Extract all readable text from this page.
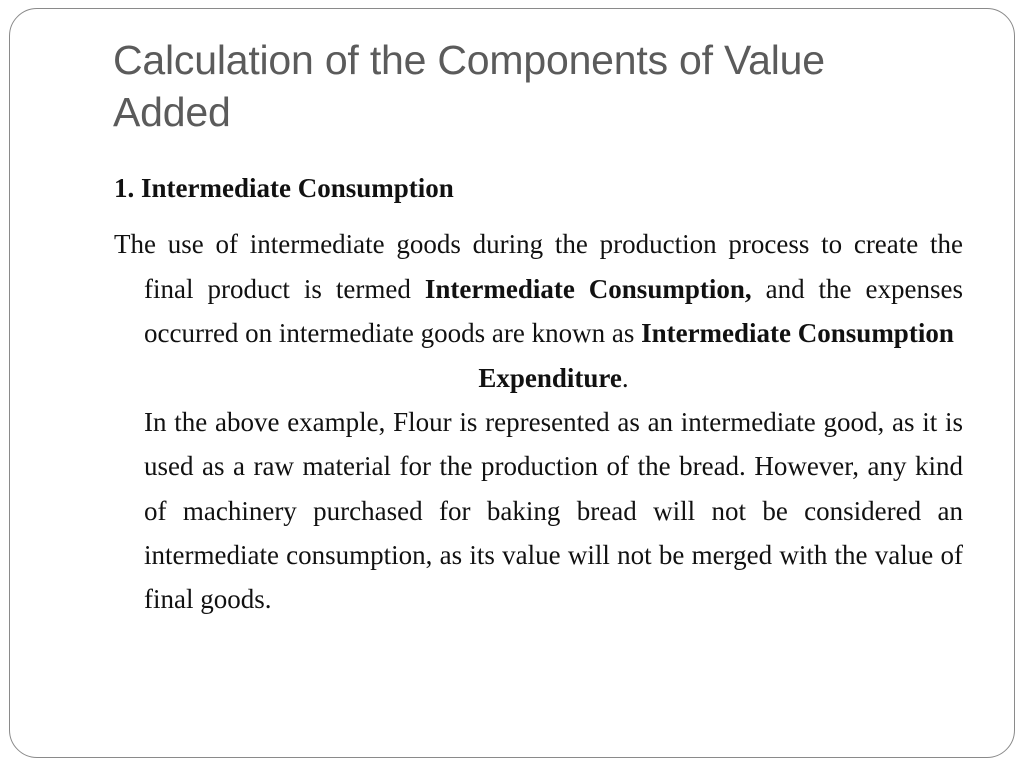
Calculation of the Components of Value Added

1. Intermediate Consumption

The use of intermediate goods during the production process to create the final product is termed Intermediate Consumption, and the expenses occurred on intermediate goods are known as Intermediate Consumption
Expenditure.

In the above example, Flour is represented as an intermediate good, as it is used as a raw material for the production of the bread. However, any kind of machinery purchased for baking bread will not be considered an intermediate consumption, as its value will not be merged with the value of final goods.
